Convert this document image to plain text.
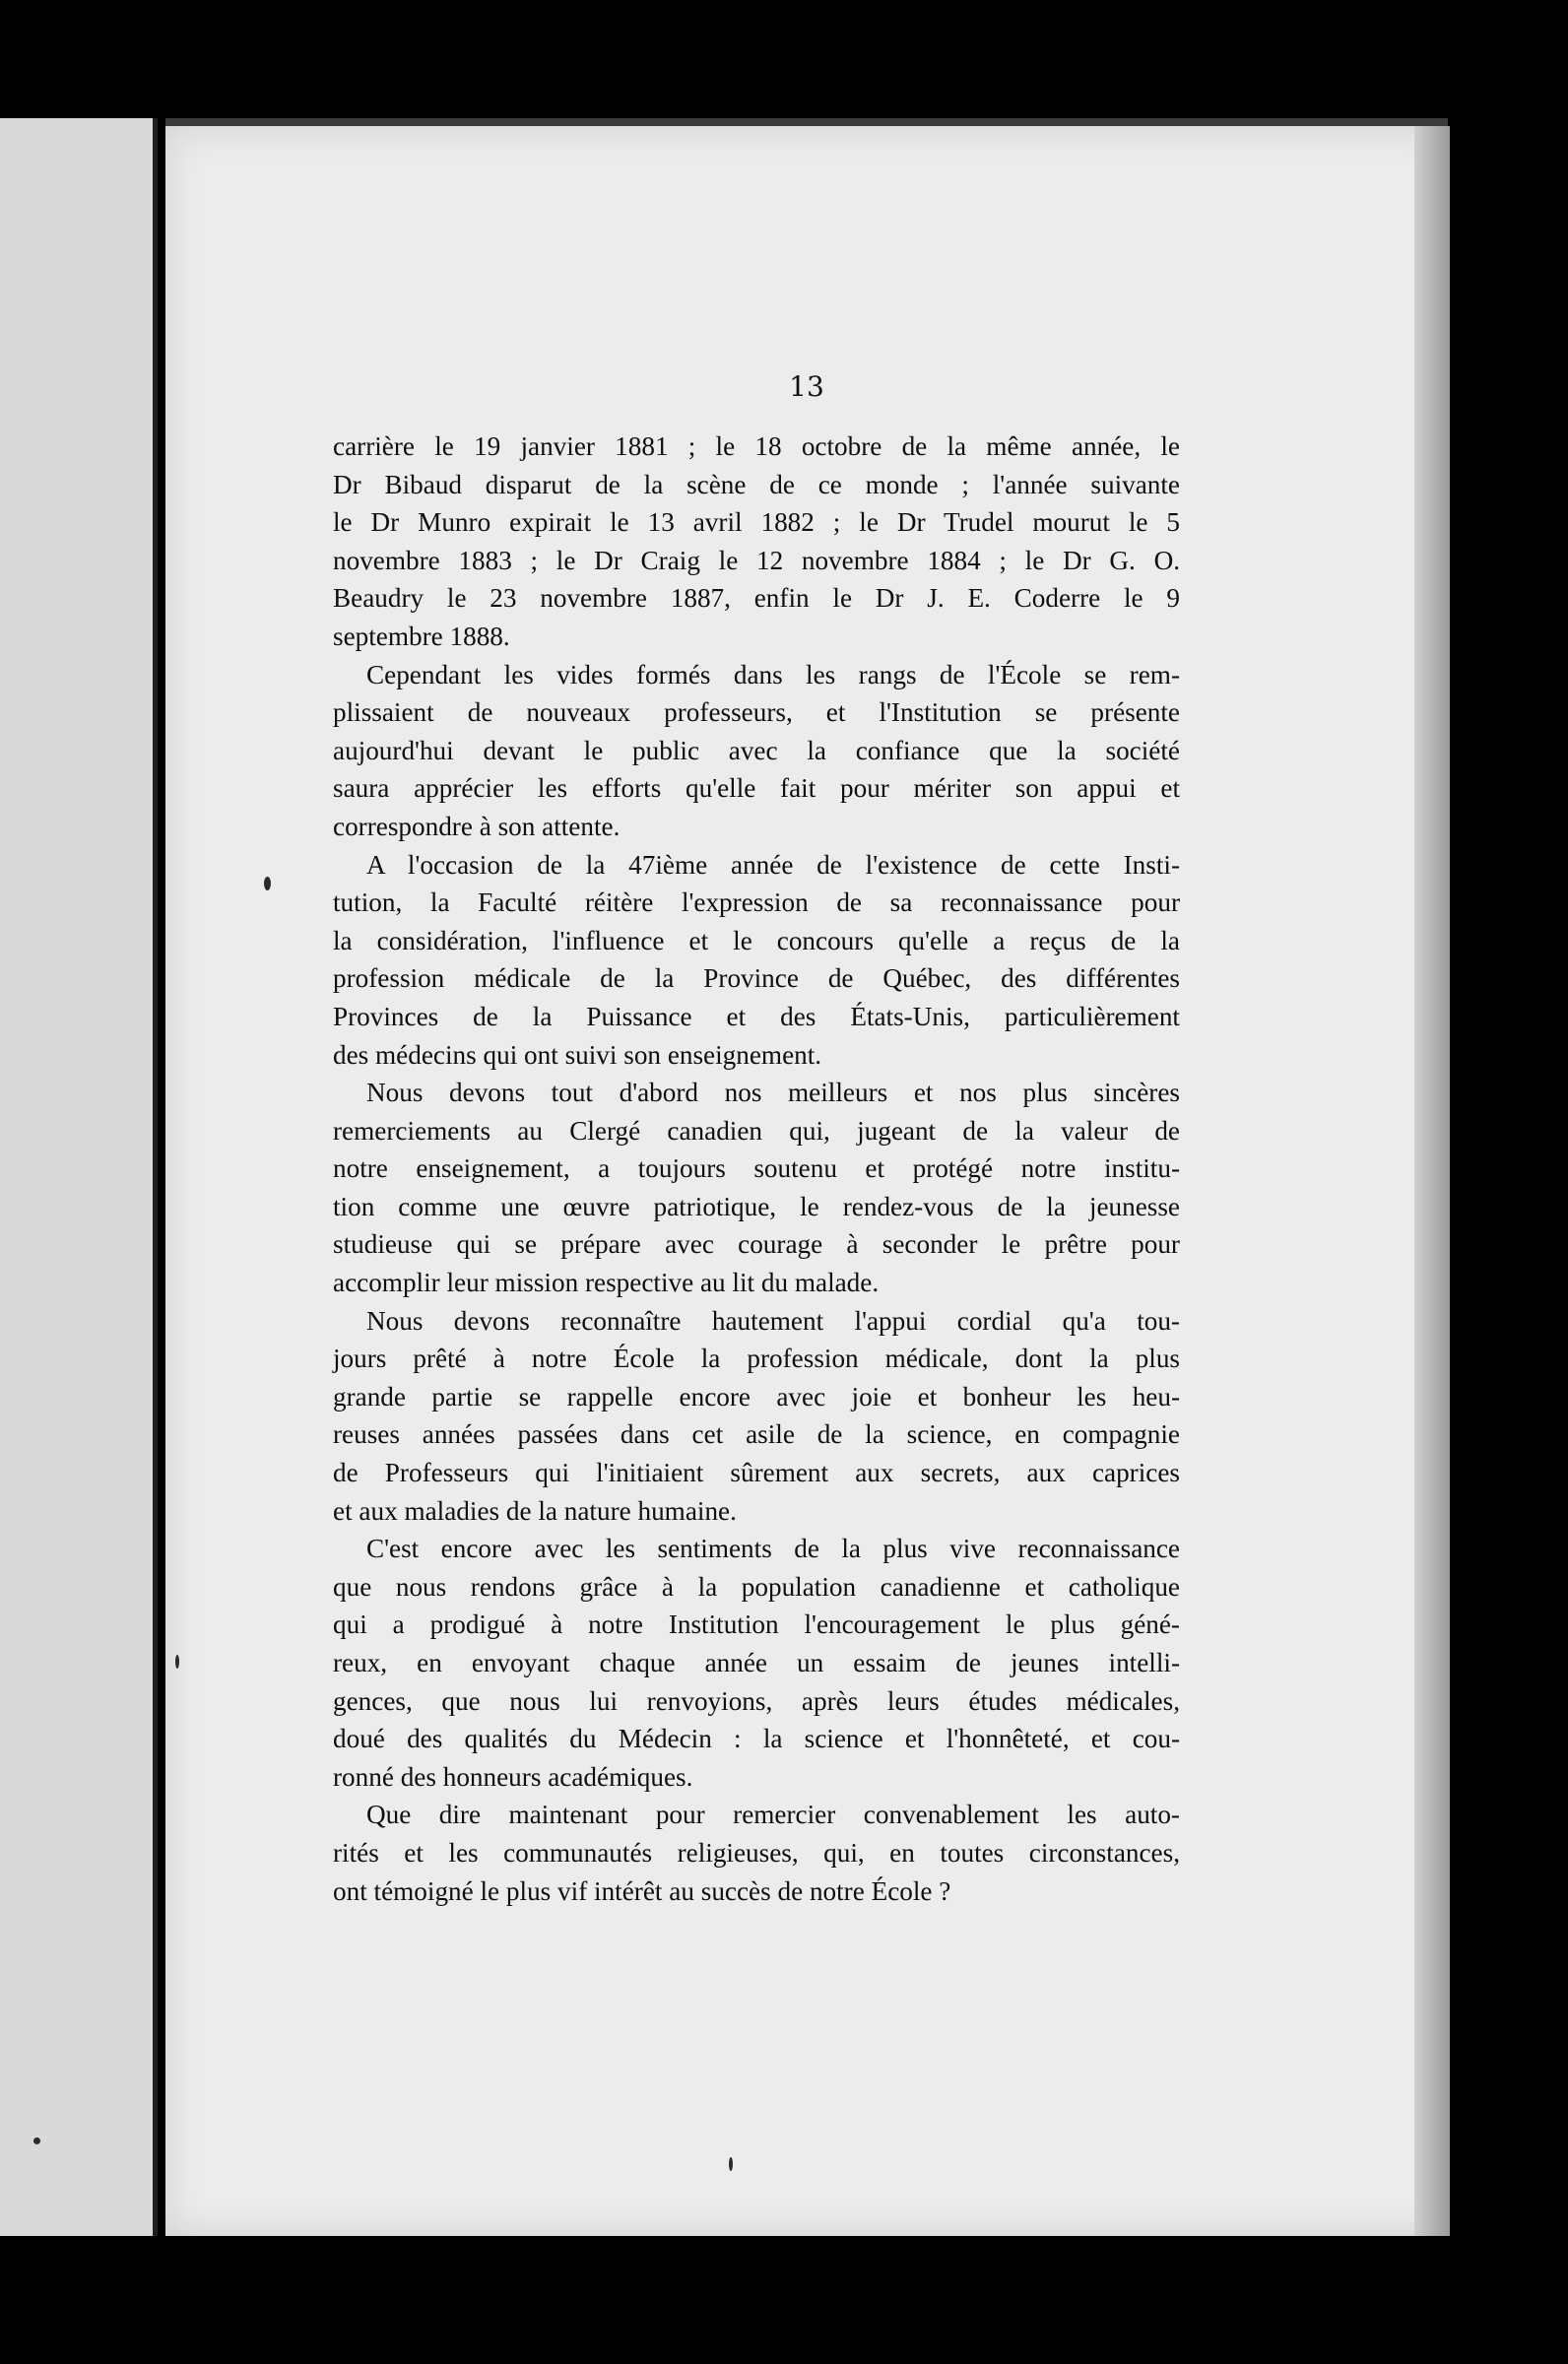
13
carrière le 19 janvier 1881 ; le 18 octobre de la même année, le
Dr Bibaud disparut de la scène de ce monde ; l'année suivante
le Dr Munro expirait le 13 avril 1882 ; le Dr Trudel mourut le 5
novembre 1883 ; le Dr Craig le 12 novembre 1884 ; le Dr G. O.
Beaudry le 23 novembre 1887, enfin le Dr J. E. Coderre le 9
septembre 1888.
Cependant les vides formés dans les rangs de l'École se rem-
plissaient de nouveaux professeurs, et l'Institution se présente
aujourd'hui devant le public avec la confiance que la société
saura apprécier les efforts qu'elle fait pour mériter son appui et
correspondre à son attente.
A l'occasion de la 47ième année de l'existence de cette Insti-
tution, la Faculté réitère l'expression de sa reconnaissance pour
la considération, l'influence et le concours qu'elle a reçus de la
profession médicale de la Province de Québec, des différentes
Provinces de la Puissance et des États-Unis, particulièrement
des médecins qui ont suivi son enseignement.
Nous devons tout d'abord nos meilleurs et nos plus sincères
remerciements au Clergé canadien qui, jugeant de la valeur de
notre enseignement, a toujours soutenu et protégé notre institu-
tion comme une œuvre patriotique, le rendez-vous de la jeunesse
studieuse qui se prépare avec courage à seconder le prêtre pour
accomplir leur mission respective au lit du malade.
Nous devons reconnaître hautement l'appui cordial qu'a tou-
jours prêté à notre École la profession médicale, dont la plus
grande partie se rappelle encore avec joie et bonheur les heu-
reuses années passées dans cet asile de la science, en compagnie
de Professeurs qui l'initiaient sûrement aux secrets, aux caprices
et aux maladies de la nature humaine.
C'est encore avec les sentiments de la plus vive reconnaissance
que nous rendons grâce à la population canadienne et catholique
qui a prodigué à notre Institution l'encouragement le plus géné-
reux, en envoyant chaque année un essaim de jeunes intelli-
gences, que nous lui renvoyions, après leurs études médicales,
doué des qualités du Médecin : la science et l'honnêteté, et cou-
ronné des honneurs académiques.
Que dire maintenant pour remercier convenablement les auto-
rités et les communautés religieuses, qui, en toutes circonstances,
ont témoigné le plus vif intérêt au succès de notre École ?
